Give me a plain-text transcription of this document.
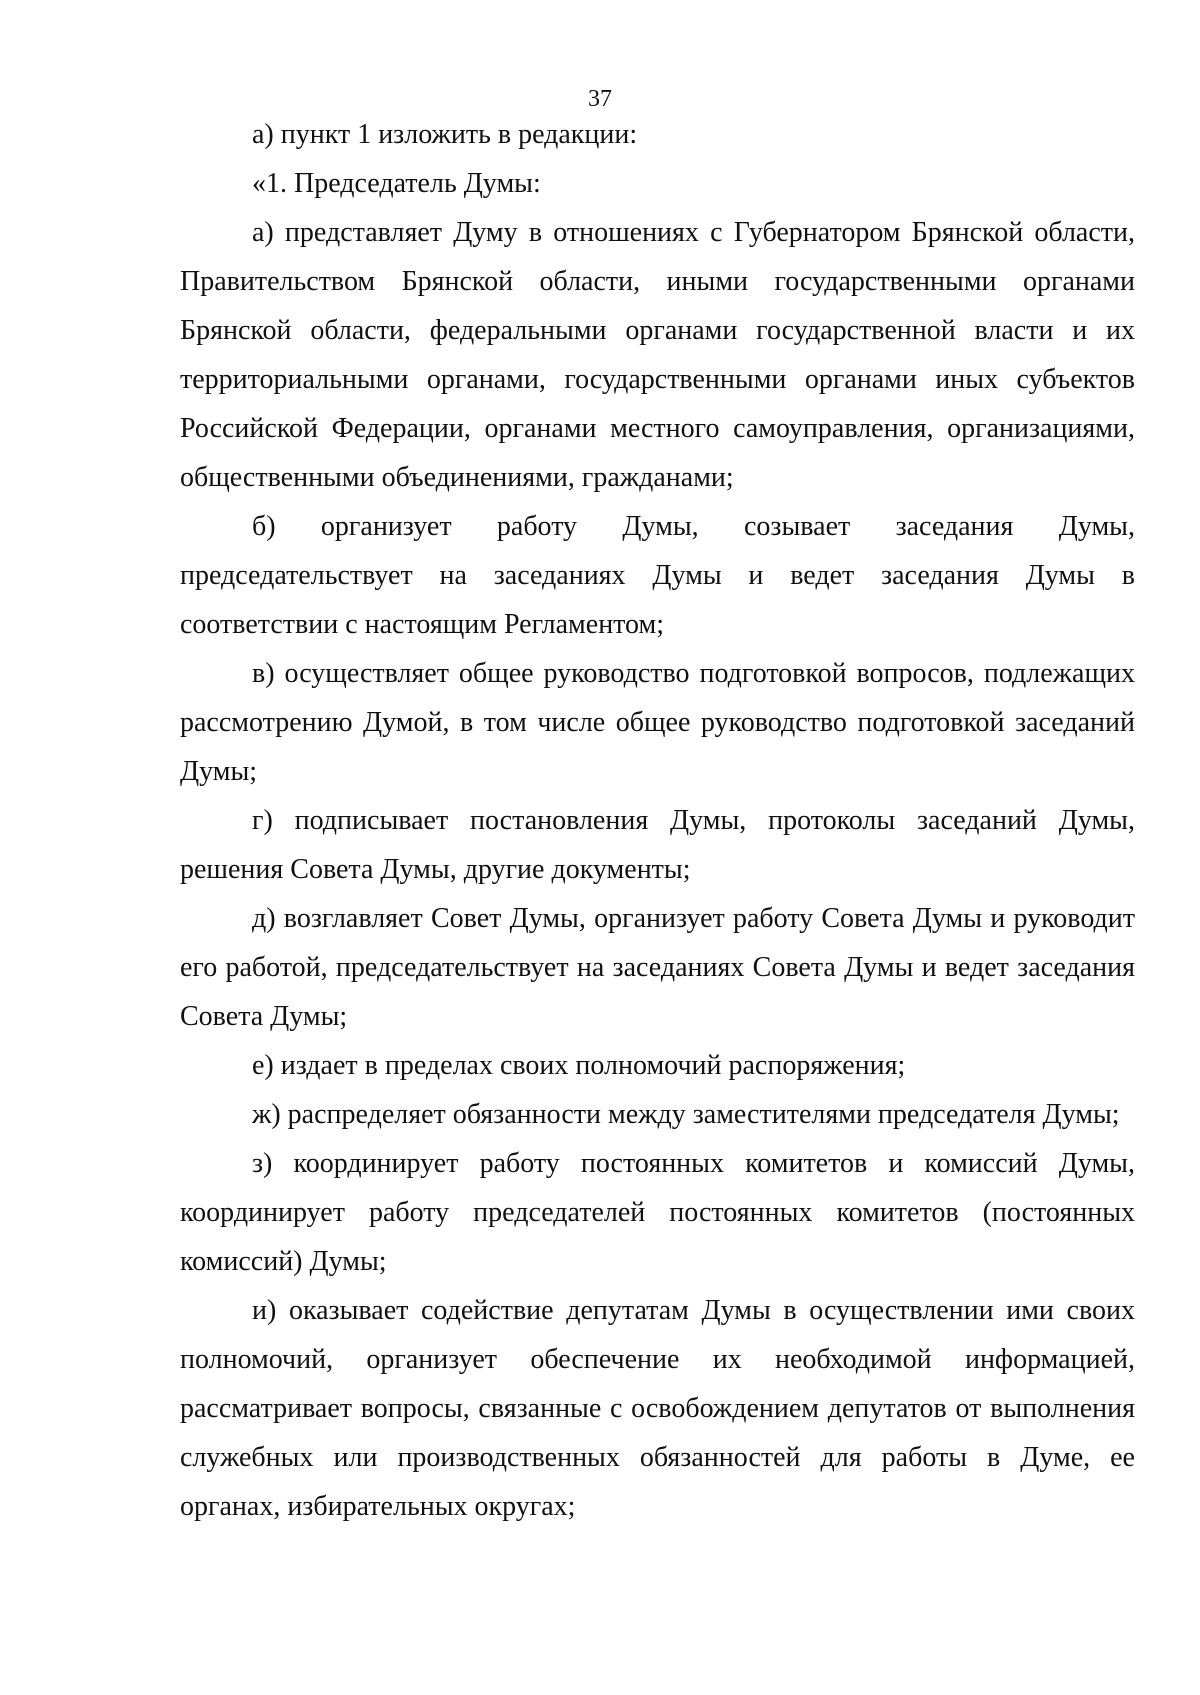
37

а) пункт 1 изложить в редакции:

«1. Председатель Думы:

а) представляет Думу в отношениях с Губернатором Брянской области, Правительством Брянской области, иными государственными органами Брянской области, федеральными органами государственной власти и их территориальными органами, государственными органами иных субъектов Российской Федерации, органами местного самоуправления, организациями, общественными объединениями, гражданами;

б) организует работу Думы, созывает заседания Думы, председательствует на заседаниях Думы и ведет заседания Думы в соответствии с настоящим Регламентом;

в) осуществляет общее руководство подготовкой вопросов, подлежащих рассмотрению Думой, в том числе общее руководство подготовкой заседаний Думы;

г) подписывает постановления Думы, протоколы заседаний Думы, решения Совета Думы, другие документы;

д) возглавляет Совет Думы, организует работу Совета Думы и руководит его работой, председательствует на заседаниях Совета Думы и ведет заседания Совета Думы;

е) издает в пределах своих полномочий распоряжения;

ж) распределяет обязанности между заместителями председателя Думы;

з) координирует работу постоянных комитетов и комиссий Думы, координирует работу председателей постоянных комитетов (постоянных комиссий) Думы;

и) оказывает содействие депутатам Думы в осуществлении ими своих полномочий, организует обеспечение их необходимой информацией, рассматривает вопросы, связанные с освобождением депутатов от выполнения служебных или производственных обязанностей для работы в Думе, ее органах, избирательных округах;
